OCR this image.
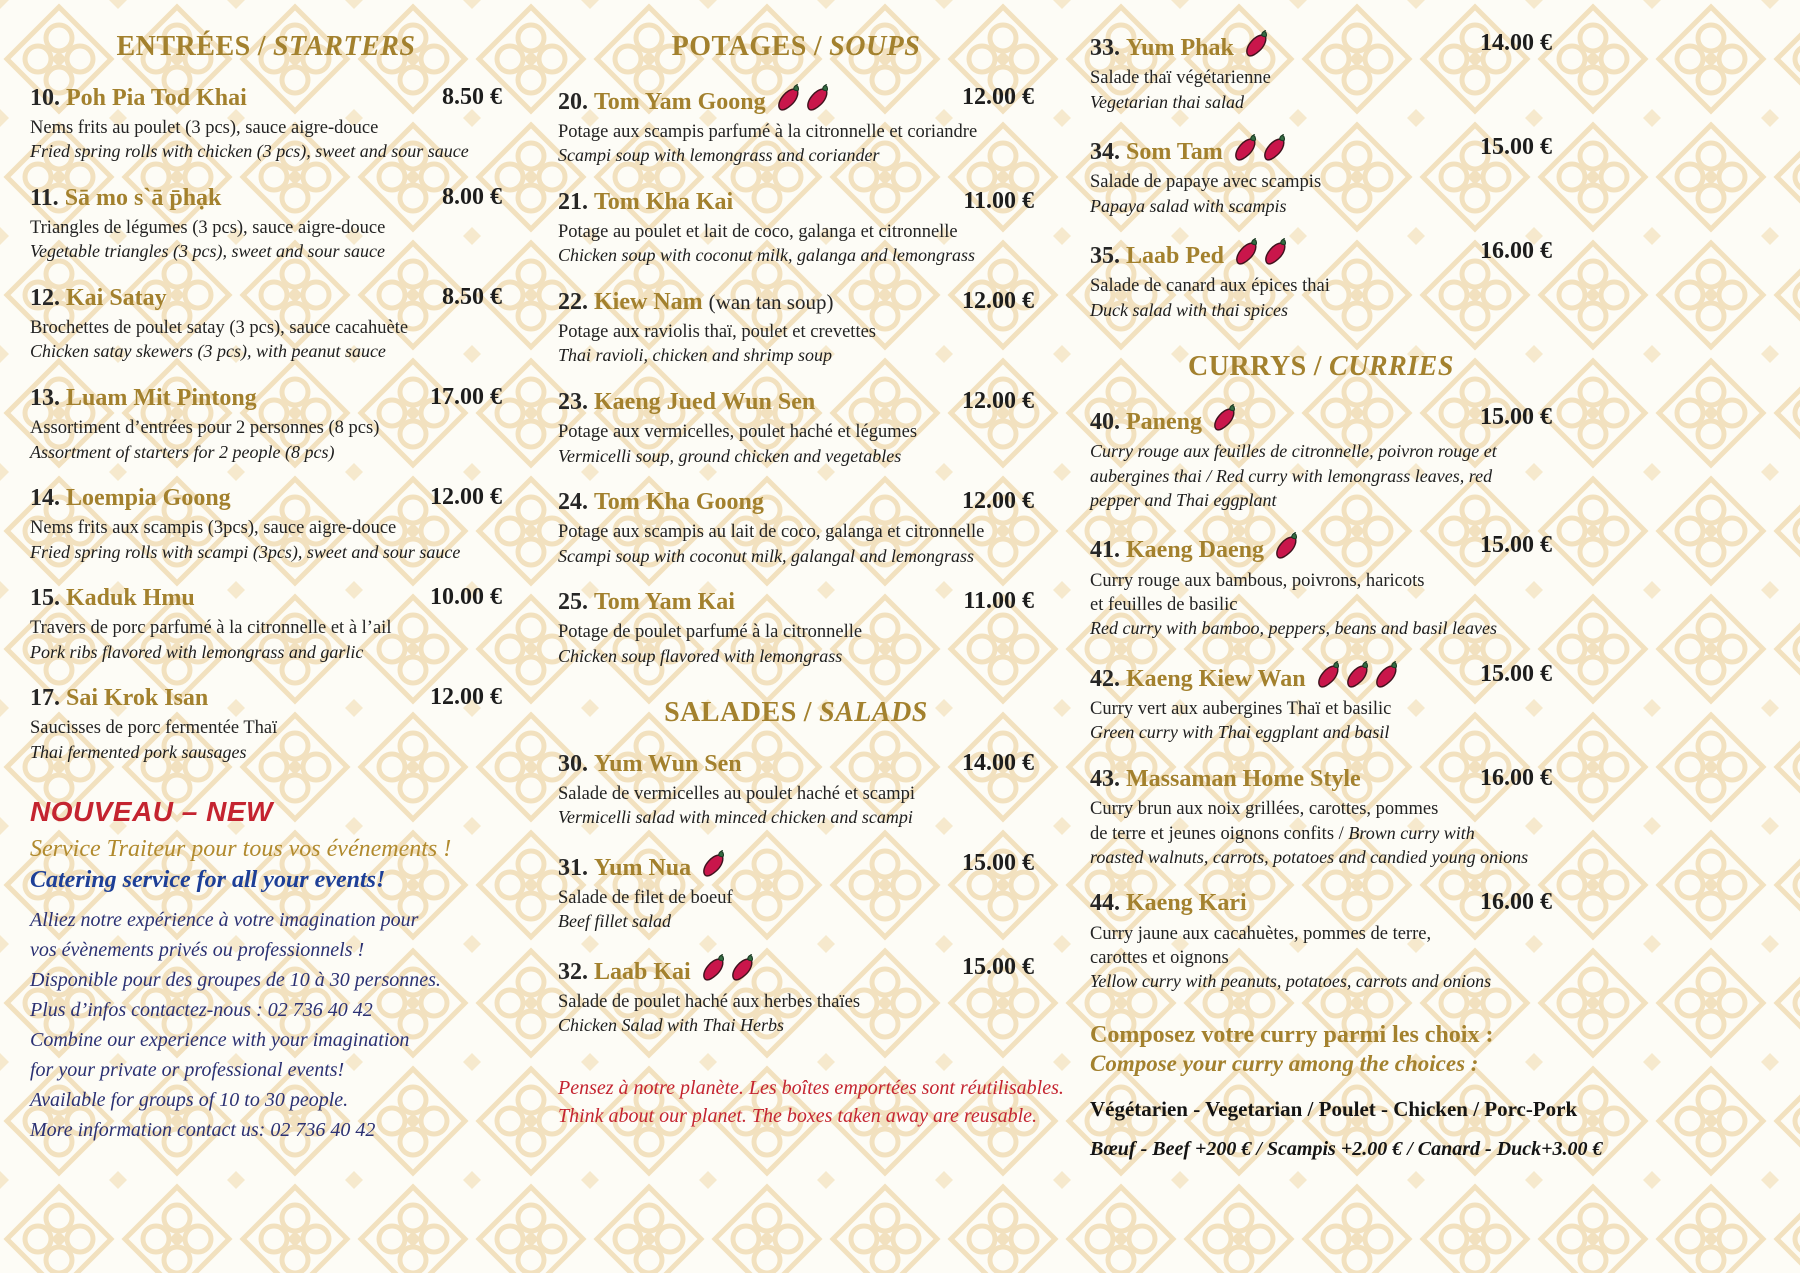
ENTRÉES / STARTERS
10. Poh Pia Tod Khai	8.50 €
Nems frits au poulet (3 pcs), sauce aigre-douce
Fried spring rolls with chicken (3 pcs), sweet and sour sauce
11. Sā mo s`ā p̄hạk	8.00 €
Triangles de légumes (3 pcs), sauce aigre-douce
Vegetable triangles (3 pcs), sweet and sour sauce
12. Kai Satay	8.50 €
Brochettes de poulet satay (3 pcs), sauce cacahuète
Chicken satay skewers (3 pcs), with peanut sauce
13. Luam Mit Pintong	17.00 €
Assortiment d’entrées pour 2 personnes (8 pcs)
Assortment of starters for 2 people (8 pcs)
14. Loempia Goong	12.00 €
Nems frits aux scampis (3pcs), sauce aigre-douce
Fried spring rolls with scampi (3pcs), sweet and sour sauce
15. Kaduk Hmu	10.00 €
Travers de porc parfumé à la citronnelle et à l’ail
Pork ribs flavored with lemongrass and garlic
17. Sai Krok Isan	12.00 €
Saucisses de porc fermentée Thaï
Thai fermented pork sausages
NOUVEAU – NEW
Service Traiteur pour tous vos événements !
Catering service for all your events!
Alliez notre expérience à votre imagination pour
vos évènements privés ou professionnels !
Disponible pour des groupes de 10 à 30 personnes.
Plus d’infos contactez-nous : 02 736 40 42
Combine our experience with your imagination
for your private or professional events!
Available for groups of 10 to 30 people.
More information contact us: 02 736 40 42
POTAGES / SOUPS
20. Tom Yam Goong	12.00 €
Potage aux scampis parfumé à la citronnelle et coriandre
Scampi soup with lemongrass and coriander
21. Tom Kha Kai	11.00 €
Potage au poulet et lait de coco, galanga et citronnelle
Chicken soup with coconut milk, galanga and lemongrass
22. Kiew Nam (wan tan soup)	12.00 €
Potage aux raviolis thaï, poulet et crevettes
Thai ravioli, chicken and shrimp soup
23. Kaeng Jued Wun Sen	12.00 €
Potage aux vermicelles, poulet haché et légumes
Vermicelli soup, ground chicken and vegetables
24. Tom Kha Goong	12.00 €
Potage aux scampis au lait de coco, galanga et citronnelle
Scampi soup with coconut milk, galangal and lemongrass
25. Tom Yam Kai	11.00 €
Potage de poulet parfumé à la citronnelle
Chicken soup flavored with lemongrass
SALADES / SALADS
30. Yum Wun Sen	14.00 €
Salade de vermicelles au poulet haché et scampi
Vermicelli salad with minced chicken and scampi
31. Yum Nua	15.00 €
Salade de filet de boeuf
Beef fillet salad
32. Laab Kai	15.00 €
Salade de poulet haché aux herbes thaïes
Chicken Salad with Thai Herbs
Pensez à notre planète. Les boîtes emportées sont réutilisables.
Think about our planet. The boxes taken away are reusable.
33. Yum Phak	14.00 €
Salade thaï végétarienne
Vegetarian thai salad
34. Som Tam	15.00 €
Salade de papaye avec scampis
Papaya salad with scampis
35. Laab Ped	16.00 €
Salade de canard aux épices thai
Duck salad with thai spices
CURRYS / CURRIES
40. Paneng	15.00 €
Curry rouge aux feuilles de citronnelle, poivron rouge et
aubergines thai / Red curry with lemongrass leaves, red
pepper and Thai eggplant
41. Kaeng Daeng	15.00 €
Curry rouge aux bambous, poivrons, haricots
et feuilles de basilic
Red curry with bamboo, peppers, beans and basil leaves
42. Kaeng Kiew Wan	15.00 €
Curry vert aux aubergines Thaï et basilic
Green curry with Thai eggplant and basil
43. Massaman Home Style	16.00 €
Curry brun aux noix grillées, carottes, pommes
de terre et jeunes oignons confits / Brown curry with
roasted walnuts, carrots, potatoes and candied young onions
44. Kaeng Kari	16.00 €
Curry jaune aux cacahuètes, pommes de terre,
carottes et oignons
Yellow curry with peanuts, potatoes, carrots and onions
Composez votre curry parmi les choix :
Compose your curry among the choices :
Végétarien - Vegetarian / Poulet - Chicken / Porc-Pork
Bœuf - Beef +200 € / Scampis +2.00 € / Canard - Duck+3.00 €
